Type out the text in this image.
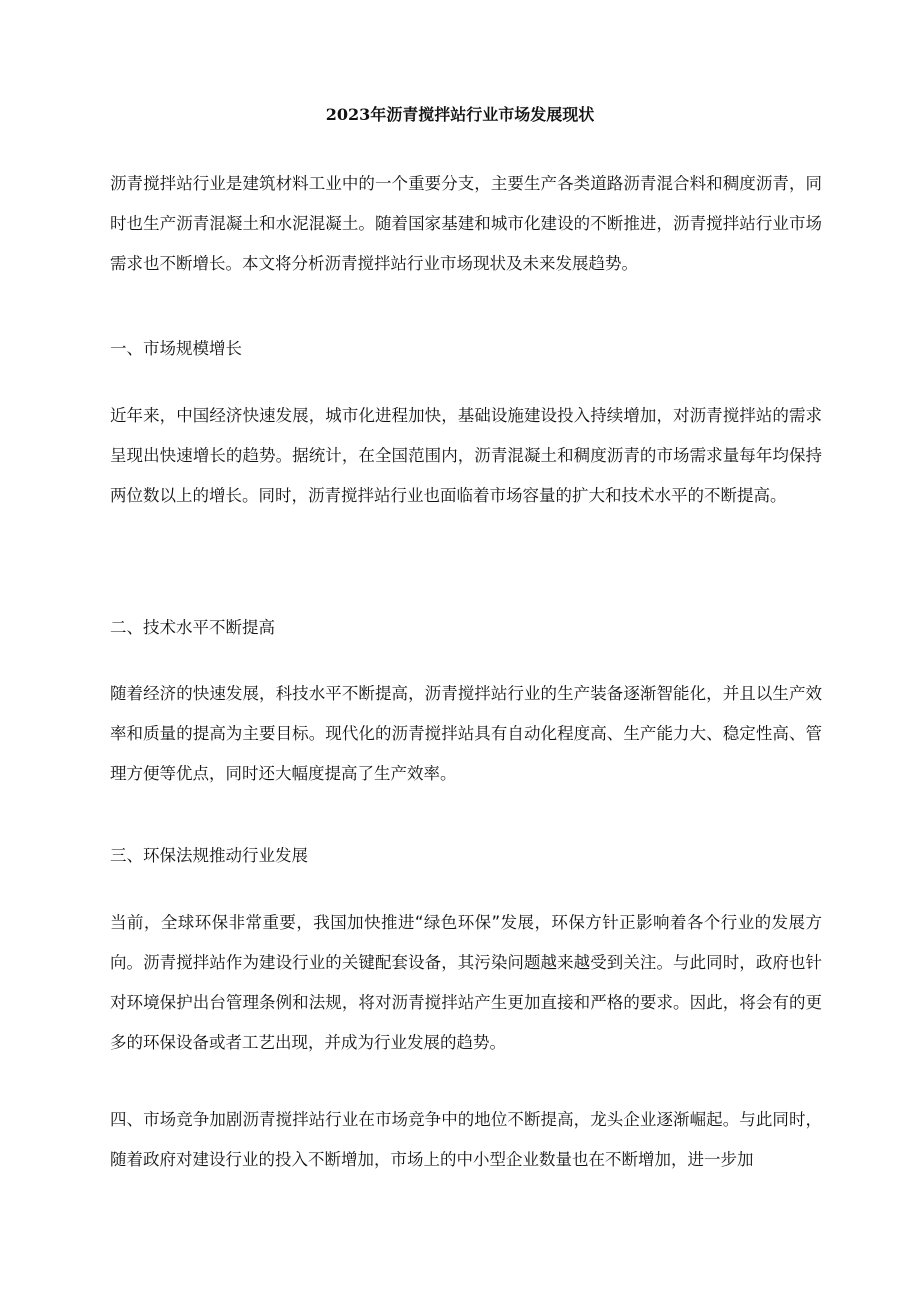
2023年沥青搅拌站行业市场发展现状

沥青搅拌站行业是建筑材料工业中的一个重要分支，主要生产各类道路沥青混合料和稠度沥青，同时也生产沥青混凝土和水泥混凝土。随着国家基建和城市化建设的不断推进，沥青搅拌站行业市场需求也不断增长。本文将分析沥青搅拌站行业市场现状及未来发展趋势。

一、市场规模增长

近年来，中国经济快速发展，城市化进程加快，基础设施建设投入持续增加，对沥青搅拌站的需求呈现出快速增长的趋势。据统计，在全国范围内，沥青混凝土和稠度沥青的市场需求量每年均保持两位数以上的增长。同时，沥青搅拌站行业也面临着市场容量的扩大和技术水平的不断提高。

二、技术水平不断提高

随着经济的快速发展，科技水平不断提高，沥青搅拌站行业的生产装备逐渐智能化，并且以生产效率和质量的提高为主要目标。现代化的沥青搅拌站具有自动化程度高、生产能力大、稳定性高、管理方便等优点，同时还大幅度提高了生产效率。

三、环保法规推动行业发展

当前，全球环保非常重要，我国加快推进“绿色环保”发展，环保方针正影响着各个行业的发展方向。沥青搅拌站作为建设行业的关键配套设备，其污染问题越来越受到关注。与此同时，政府也针对环境保护出台管理条例和法规，将对沥青搅拌站产生更加直接和严格的要求。因此，将会有的更多的环保设备或者工艺出现，并成为行业发展的趋势。

四、市场竞争加剧沥青搅拌站行业在市场竞争中的地位不断提高，龙头企业逐渐崛起。与此同时，随着政府对建设行业的投入不断增加，市场上的中小型企业数量也在不断增加，进一步加
